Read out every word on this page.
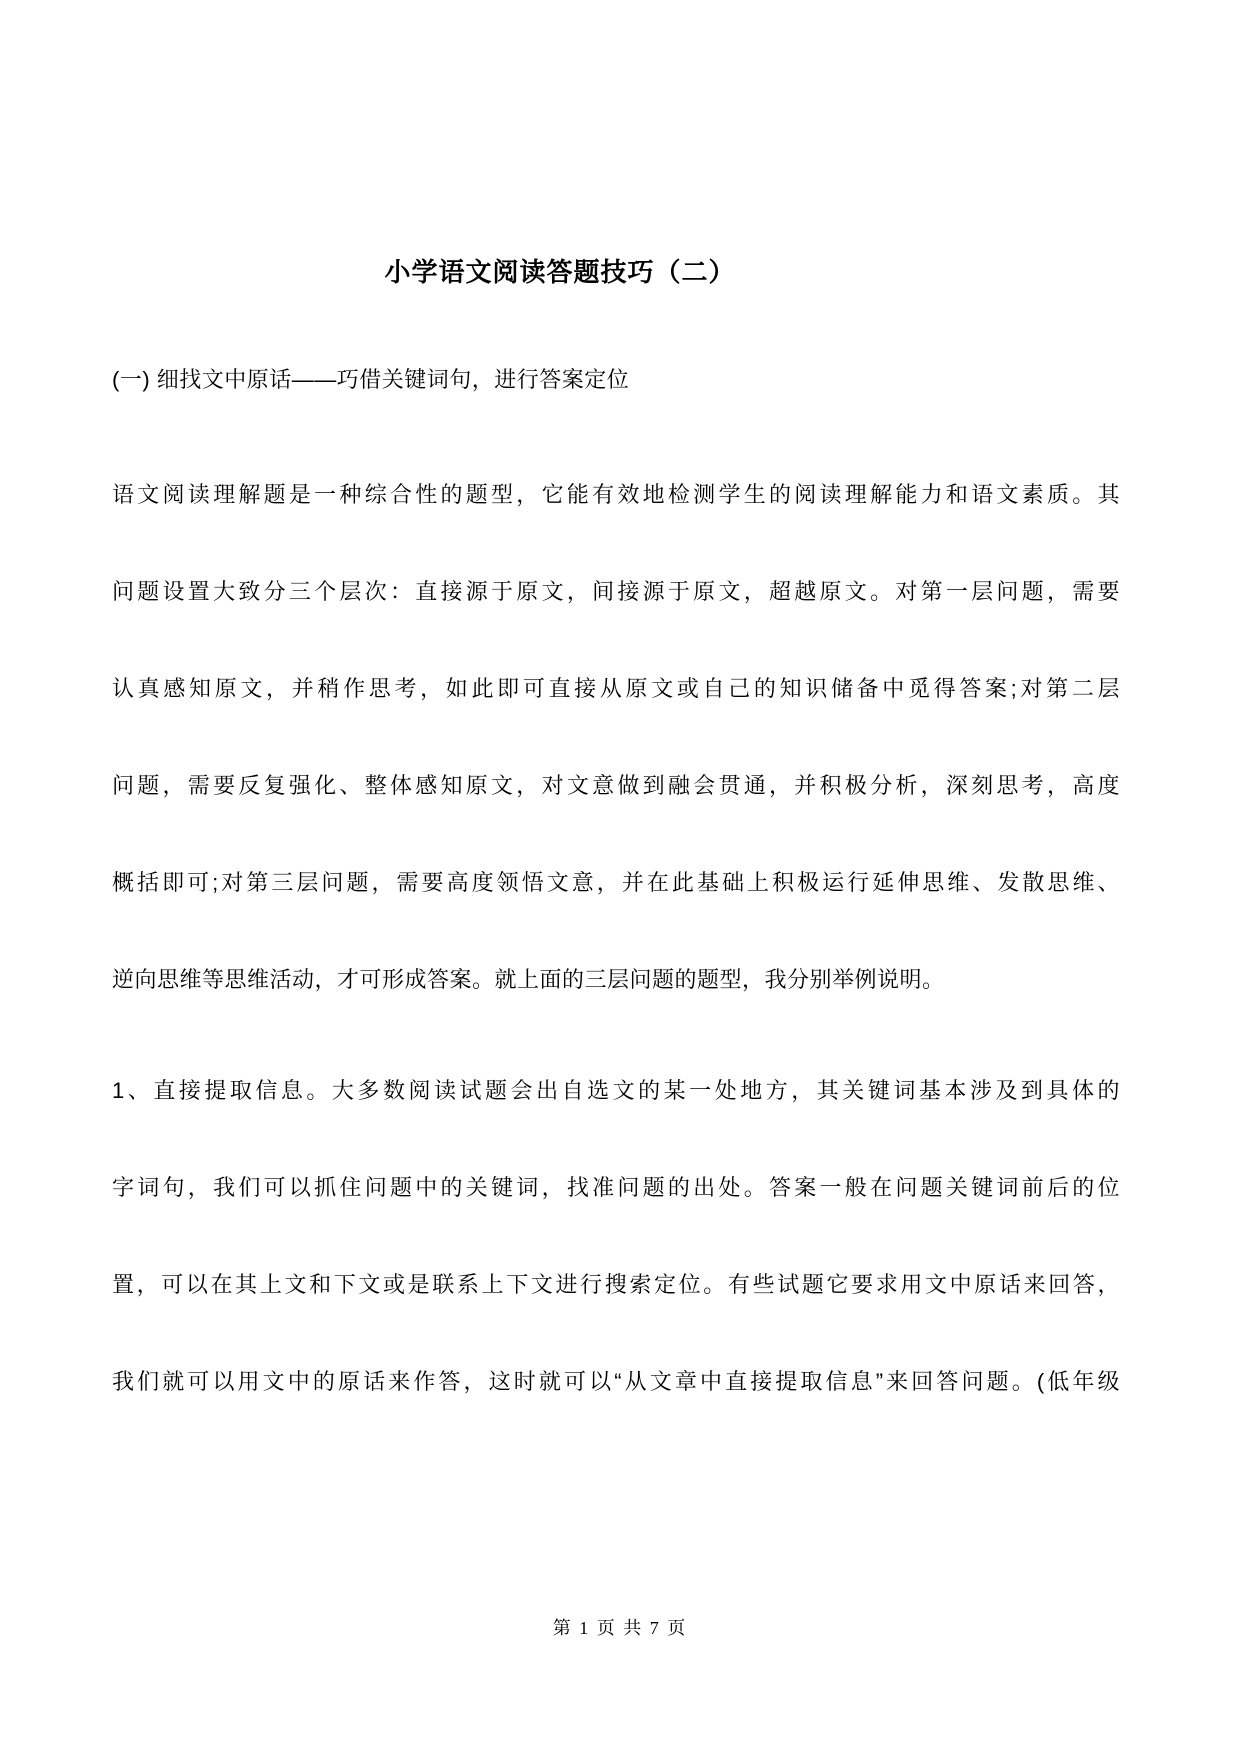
小学语文阅读答题技巧（二）
(一) 细找文中原话——巧借关键词句，进行答案定位
语文阅读理解题是一种综合性的题型，它能有效地检测学生的阅读理解能力和语文素质。其
问题设置大致分三个层次：直接源于原文，间接源于原文，超越原文。对第一层问题，需要
认真感知原文，并稍作思考，如此即可直接从原文或自己的知识储备中觅得答案;对第二层
问题，需要反复强化、整体感知原文，对文意做到融会贯通，并积极分析，深刻思考，高度
概括即可;对第三层问题，需要高度领悟文意，并在此基础上积极运行延伸思维、发散思维、
逆向思维等思维活动，才可形成答案。就上面的三层问题的题型，我分别举例说明。
1、直接提取信息。大多数阅读试题会出自选文的某一处地方，其关键词基本涉及到具体的
字词句，我们可以抓住问题中的关键词，找准问题的出处。答案一般在问题关键词前后的位
置，可以在其上文和下文或是联系上下文进行搜索定位。有些试题它要求用文中原话来回答，
我们就可以用文中的原话来作答，这时就可以“从文章中直接提取信息”来回答问题。(低年级
第 1 页 共 7 页
